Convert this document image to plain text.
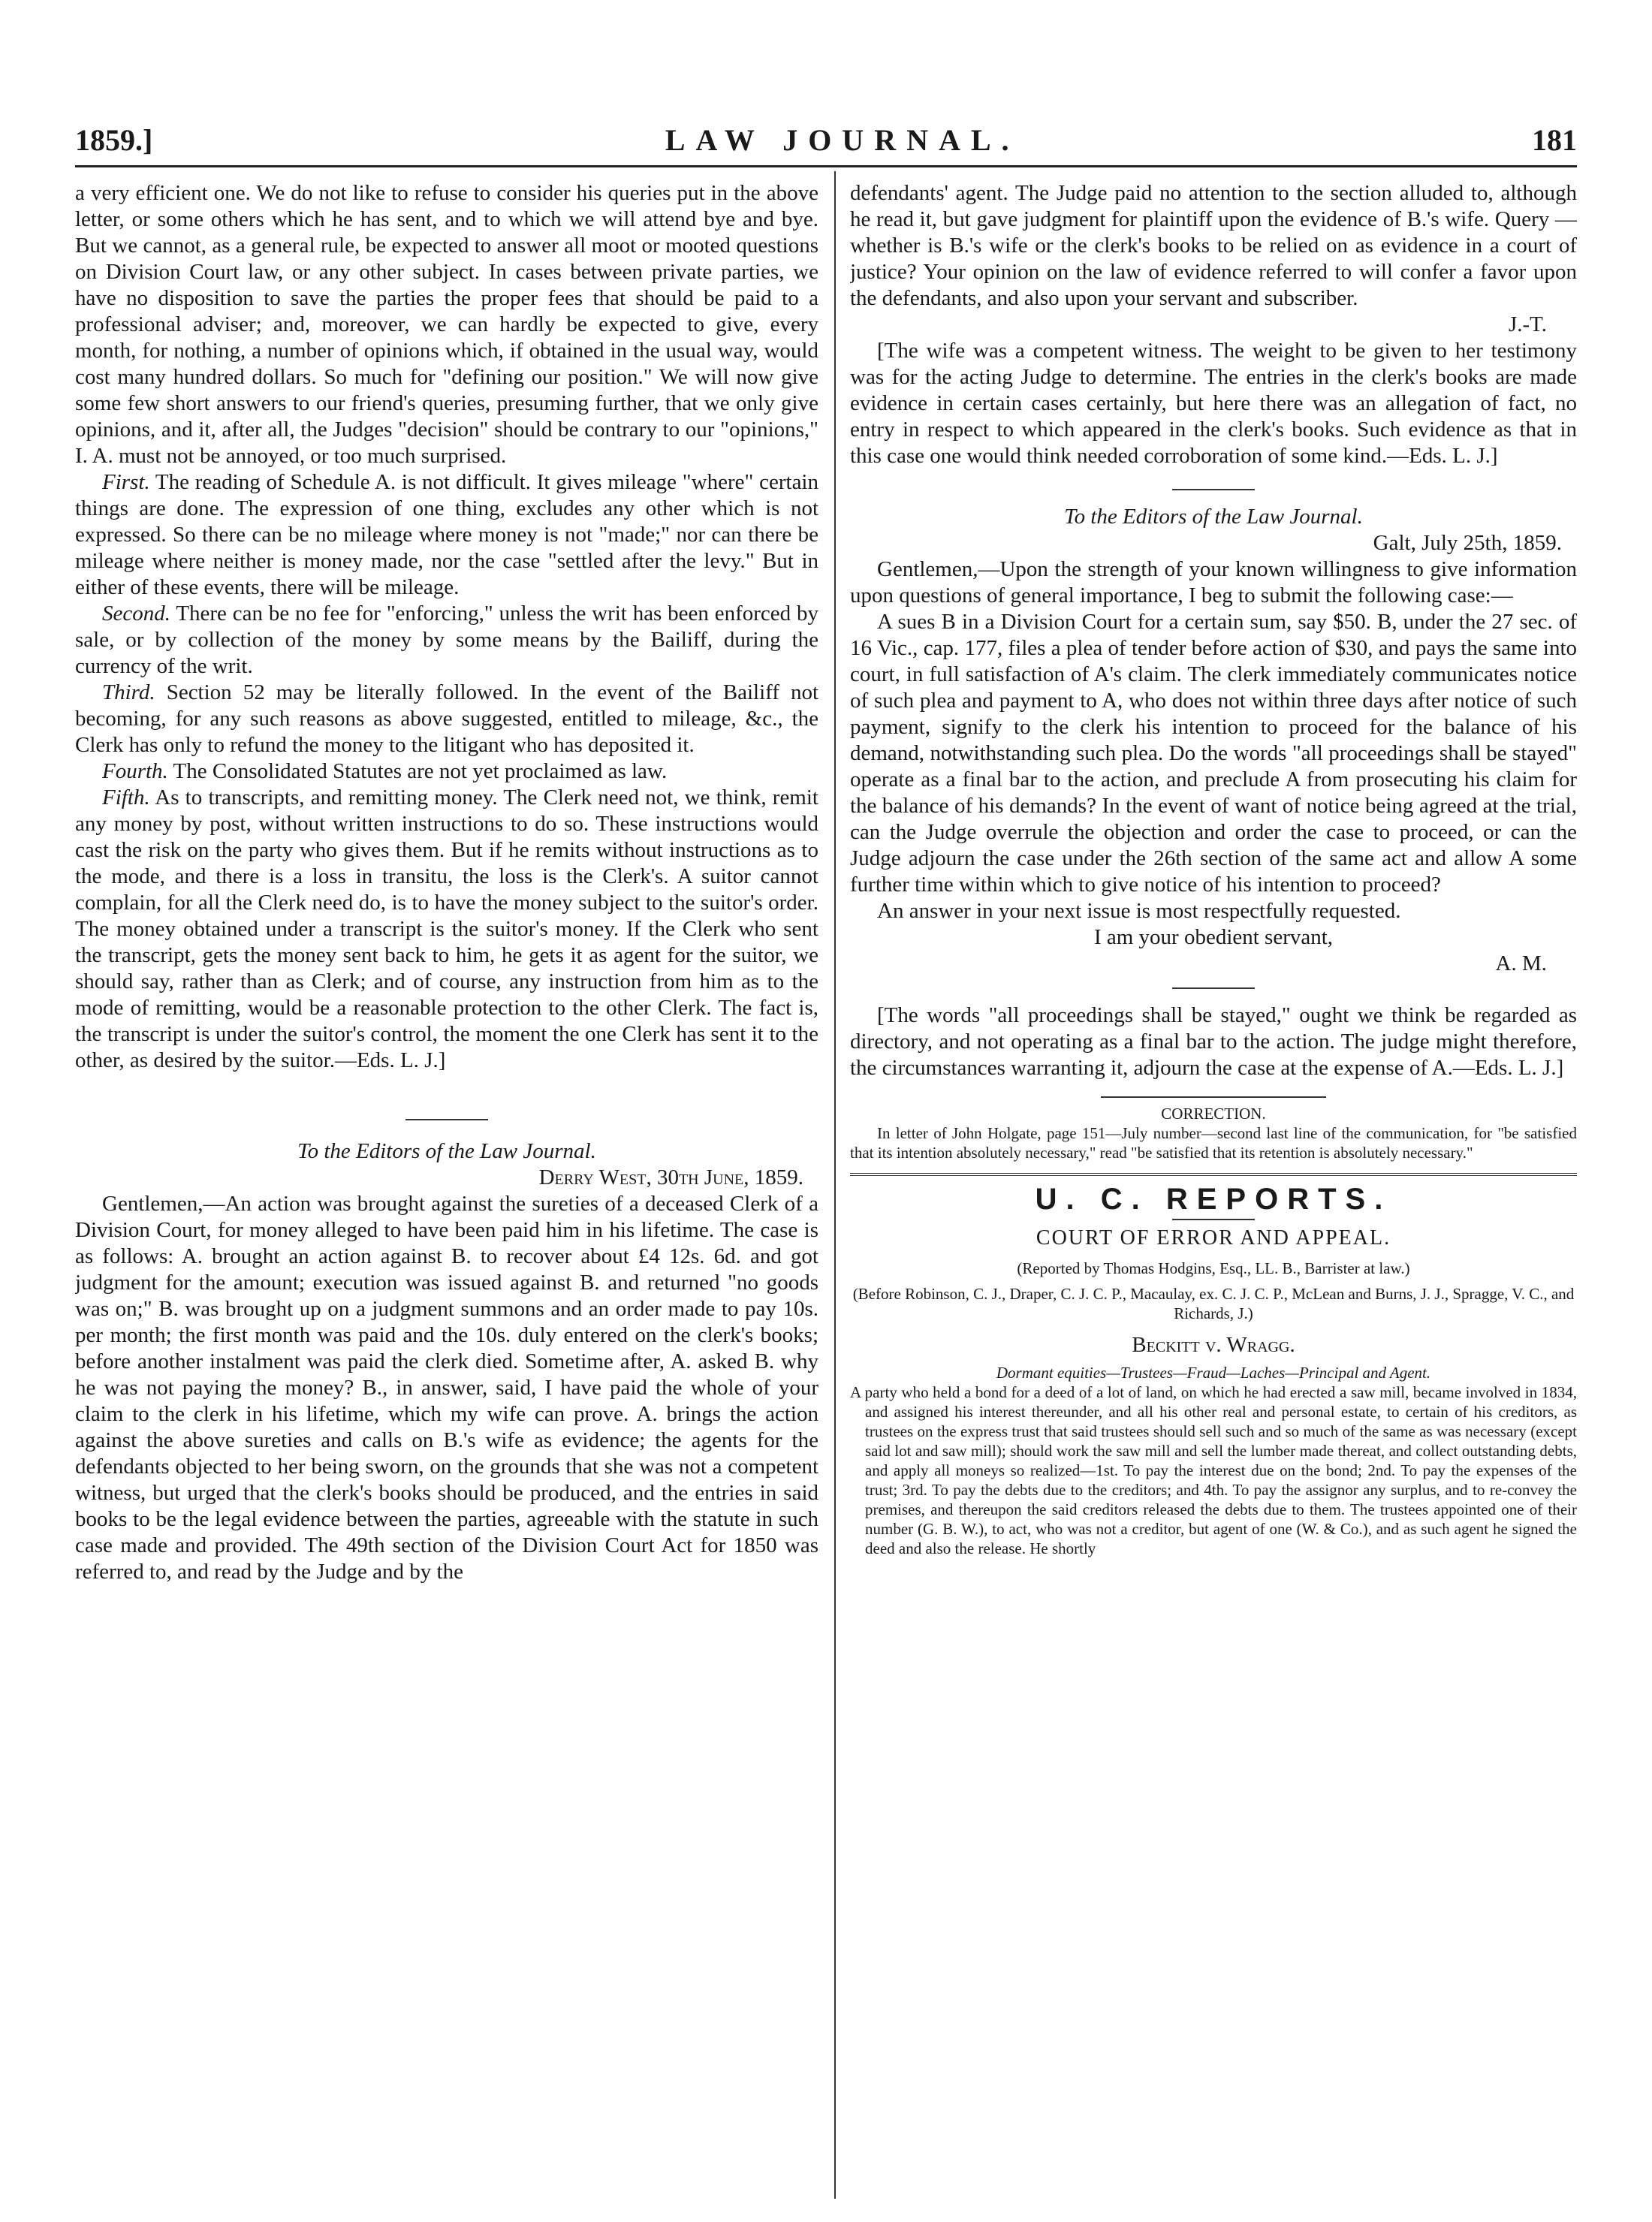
1859.]	LAW JOURNAL.	181

a very efficient one. We do not like to refuse to consider his queries put in the above letter, or some others which he has sent, and to which we will attend bye and bye. But we cannot, as a general rule, be expected to answer all moot or mooted questions on Division Court law, or any other subject. In cases between private parties, we have no disposition to save the parties the proper fees that should be paid to a professional adviser; and, moreover, we can hardly be expected to give, every month, for nothing, a number of opinions which, if obtained in the usual way, would cost many hundred dollars. So much for "defining our position." We will now give some few short answers to our friend's queries, presuming further, that we only give opinions, and it, after all, the Judges "decision" should be contrary to our "opinions," I. A. must not be annoyed, or too much surprised.

First. The reading of Schedule A. is not difficult. It gives mileage "where" certain things are done. The expression of one thing, excludes any other which is not expressed. So there can be no mileage where money is not "made;" nor can there be mileage where neither is money made, nor the case "settled after the levy." But in either of these events, there will be mileage.

Second. There can be no fee for "enforcing," unless the writ has been enforced by sale, or by collection of the money by some means by the Bailiff, during the currency of the writ.

Third. Section 52 may be literally followed. In the event of the Bailiff not becoming, for any such reasons as above suggested, entitled to mileage, &c., the Clerk has only to refund the money to the litigant who has deposited it.

Fourth. The Consolidated Statutes are not yet proclaimed as law.

Fifth. As to transcripts, and remitting money. The Clerk need not, we think, remit any money by post, without written instructions to do so. These instructions would cast the risk on the party who gives them. But if he remits without instructions as to the mode, and there is a loss in transitu, the loss is the Clerk's. A suitor cannot complain, for all the Clerk need do, is to have the money subject to the suitor's order. The money obtained under a transcript is the suitor's money. If the Clerk who sent the transcript, gets the money sent back to him, he gets it as agent for the suitor, we should say, rather than as Clerk; and of course, any instruction from him as to the mode of remitting, would be a reasonable protection to the other Clerk. The fact is, the transcript is under the suitor's control, the moment the one Clerk has sent it to the other, as desired by the suitor.—Eds. L. J.]

To the Editors of the Law Journal.

Derry West, 30th June, 1859.

Gentlemen,—An action was brought against the sureties of a deceased Clerk of a Division Court, for money alleged to have been paid him in his lifetime. The case is as follows: A. brought an action against B. to recover about £4 12s. 6d. and got judgment for the amount; execution was issued against B. and returned "no goods was on;" B. was brought up on a judgment summons and an order made to pay 10s. per month; the first month was paid and the 10s. duly entered on the clerk's books; before another instalment was paid the clerk died. Sometime after, A. asked B. why he was not paying the money? B., in answer, said, I have paid the whole of your claim to the clerk in his lifetime, which my wife can prove. A. brings the action against the above sureties and calls on B.'s wife as evidence; the agents for the defendants objected to her being sworn, on the grounds that she was not a competent witness, but urged that the clerk's books should be produced, and the entries in said books to be the legal evidence between the parties, agreeable with the statute in such case made and provided. The 49th section of the Division Court Act for 1850 was referred to, and read by the Judge and by the

defendants' agent. The Judge paid no attention to the section alluded to, although he read it, but gave judgment for plaintiff upon the evidence of B.'s wife. Query —whether is B.'s wife or the clerk's books to be relied on as evidence in a court of justice? Your opinion on the law of evidence referred to will confer a favor upon the defendants, and also upon your servant and subscriber.

J.-T.

[The wife was a competent witness. The weight to be given to her testimony was for the acting Judge to determine. The entries in the clerk's books are made evidence in certain cases certainly, but here there was an allegation of fact, no entry in respect to which appeared in the clerk's books. Such evidence as that in this case one would think needed corroboration of some kind.—Eds. L. J.]

To the Editors of the Law Journal.

Galt, July 25th, 1859.

Gentlemen,—Upon the strength of your known willingness to give information upon questions of general importance, I beg to submit the following case:—

A sues B in a Division Court for a certain sum, say $50. B, under the 27 sec. of 16 Vic., cap. 177, files a plea of tender before action of $30, and pays the same into court, in full satisfaction of A's claim. The clerk immediately communicates notice of such plea and payment to A, who does not within three days after notice of such payment, signify to the clerk his intention to proceed for the balance of his demand, notwithstanding such plea. Do the words "all proceedings shall be stayed" operate as a final bar to the action, and preclude A from prosecuting his claim for the balance of his demands? In the event of want of notice being agreed at the trial, can the Judge overrule the objection and order the case to proceed, or can the Judge adjourn the case under the 26th section of the same act and allow A some further time within which to give notice of his intention to proceed?

An answer in your next issue is most respectfully requested.

I am your obedient servant,

A. M.

[The words "all proceedings shall be stayed," ought we think be regarded as directory, and not operating as a final bar to the action. The judge might therefore, the circumstances warranting it, adjourn the case at the expense of A.—Eds. L. J.]

CORRECTION.

In letter of John Holgate, page 151—July number—second last line of the communication, for "be satisfied that its intention absolutely necessary," read "be satisfied that its retention is absolutely necessary."

U. C. REPORTS.
COURT OF ERROR AND APPEAL.

(Reported by Thomas Hodgins, Esq., LL. B., Barrister at law.)

(Before Robinson, C. J., Draper, C. J. C. P., Macaulay, ex. C. J. C. P., McLean and Burns, J. J., Spragge, V. C., and Richards, J.)

Beckitt v. Wragg.

Dormant equities—Trustees—Fraud—Laches—Principal and Agent.

A party who held a bond for a deed of a lot of land, on which he had erected a saw mill, became involved in 1834, and assigned his interest thereunder, and all his other real and personal estate, to certain of his creditors, as trustees on the express trust that said trustees should sell such and so much of the same as was necessary (except said lot and saw mill); should work the saw mill and sell the lumber made thereat, and collect outstanding debts, and apply all moneys so realized—1st. To pay the interest due on the bond; 2nd. To pay the expenses of the trust; 3rd. To pay the debts due to the creditors; and 4th. To pay the assignor any surplus, and to re-convey the premises, and thereupon the said creditors released the debts due to them. The trustees appointed one of their number (G. B. W.), to act, who was not a creditor, but agent of one (W. & Co.), and as such agent he signed the deed and also the release. He shortly
